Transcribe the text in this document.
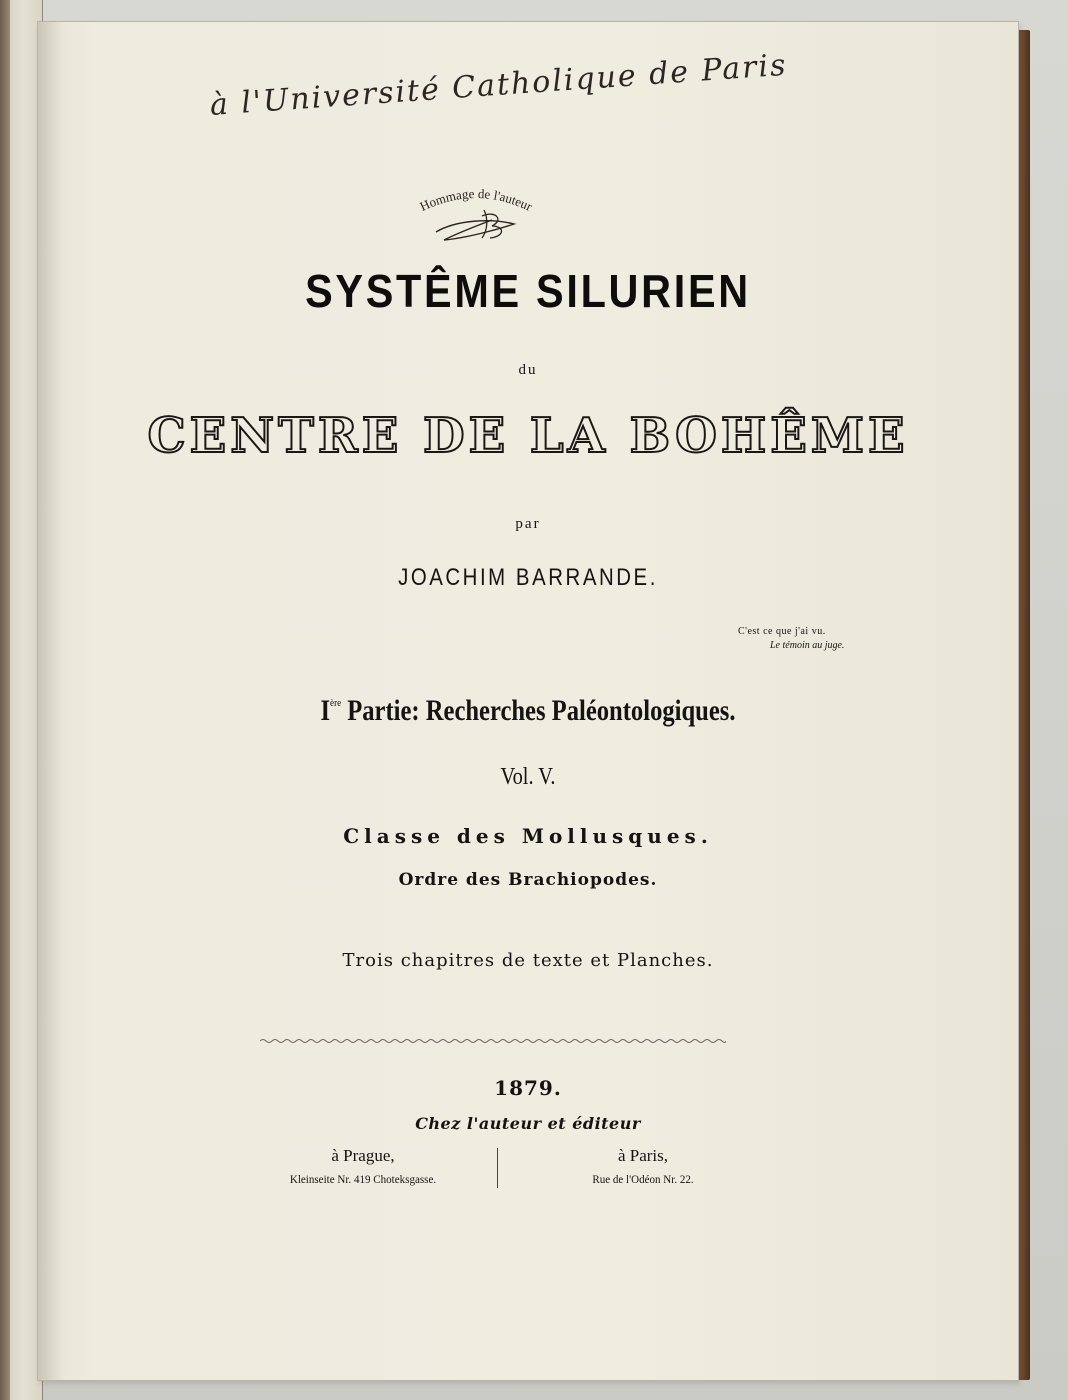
à l'Université Catholique de Paris
Hommage de l'auteur
SYSTÊME SILURIEN
du
CENTRE DE LA BOHÊME
par
JOACHIM BARRANDE.
C'est ce que j'ai vu.
Le témoin au juge.
Ière Partie: Recherches Paléontologiques.
Vol. V.
Classe des Mollusques.
Ordre des Brachiopodes.
Trois chapitres de texte et Planches.
1879.
Chez l'auteur et éditeur
à Prague,
Kleinseite Nr. 419 Choteksgasse.
à Paris,
Rue de l'Odéon Nr. 22.
